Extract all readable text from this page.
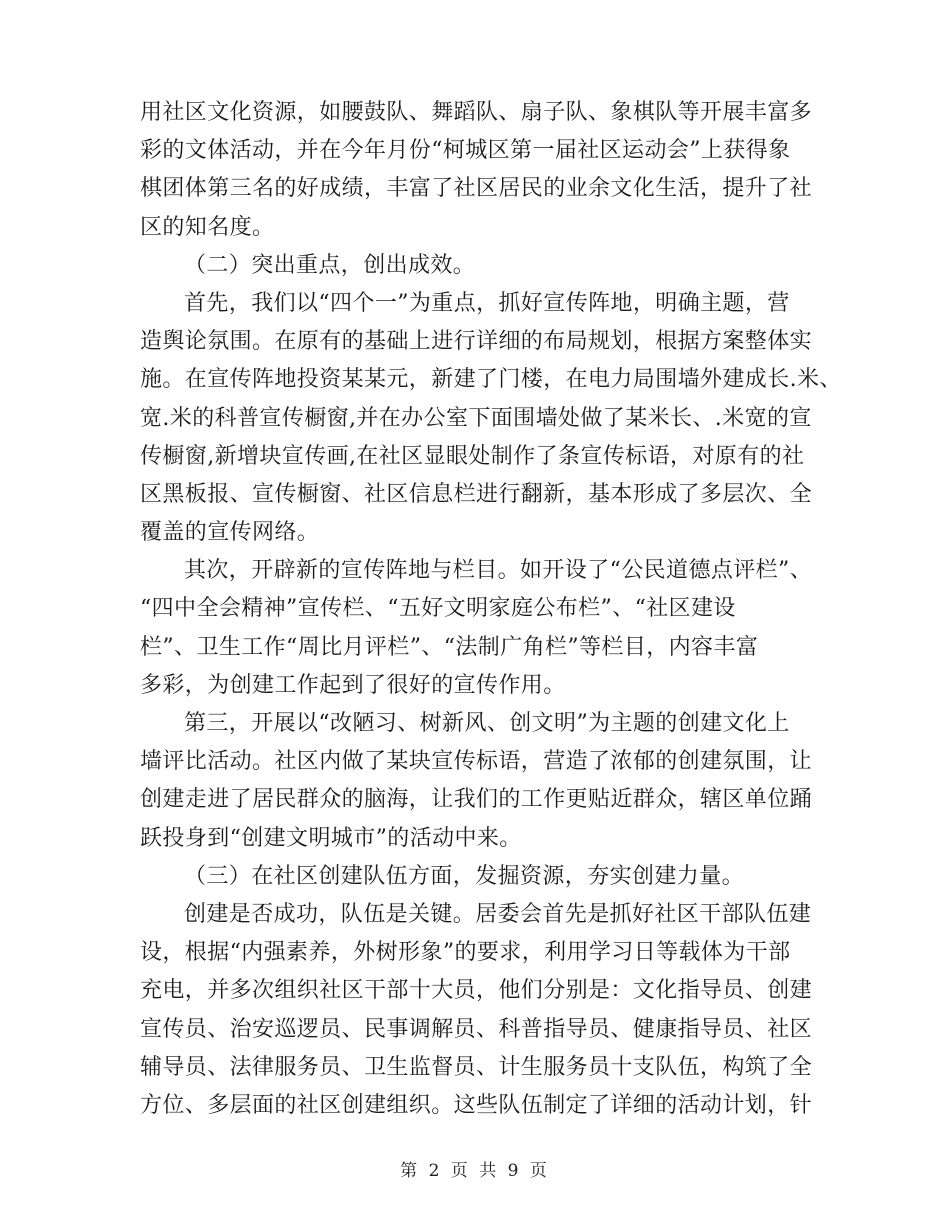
用社区文化资源，如腰鼓队、舞蹈队、扇子队、象棋队等开展丰富多
彩的文体活动，并在今年月份“柯城区第一届社区运动会”上获得象
棋团体第三名的好成绩，丰富了社区居民的业余文化生活，提升了社
区的知名度。
（二）突出重点，创出成效。
首先，我们以“四个一”为重点，抓好宣传阵地，明确主题，营
造舆论氛围。在原有的基础上进行详细的布局规划，根据方案整体实
施。在宣传阵地投资某某元，新建了门楼，在电力局围墙外建成长.米、
宽.米的科普宣传橱窗,并在办公室下面围墙处做了某米长、.米宽的宣
传橱窗,新增块宣传画,在社区显眼处制作了条宣传标语，对原有的社
区黑板报、宣传橱窗、社区信息栏进行翻新，基本形成了多层次、全
覆盖的宣传网络。
其次，开辟新的宣传阵地与栏目。如开设了“公民道德点评栏”、
“四中全会精神”宣传栏、“五好文明家庭公布栏”、“社区建设
栏”、卫生工作“周比月评栏”、“法制广角栏”等栏目，内容丰富
多彩，为创建工作起到了很好的宣传作用。
第三，开展以“改陋习、树新风、创文明”为主题的创建文化上
墙评比活动。社区内做了某块宣传标语，营造了浓郁的创建氛围，让
创建走进了居民群众的脑海，让我们的工作更贴近群众，辖区单位踊
跃投身到“创建文明城市”的活动中来。
（三）在社区创建队伍方面，发掘资源，夯实创建力量。
创建是否成功，队伍是关键。居委会首先是抓好社区干部队伍建
设，根据“内强素养，外树形象”的要求，利用学习日等载体为干部
充电，并多次组织社区干部十大员，他们分别是：文化指导员、创建
宣传员、治安巡逻员、民事调解员、科普指导员、健康指导员、社区
辅导员、法律服务员、卫生监督员、计生服务员十支队伍，构筑了全
方位、多层面的社区创建组织。这些队伍制定了详细的活动计划，针
第 2 页 共 9 页
